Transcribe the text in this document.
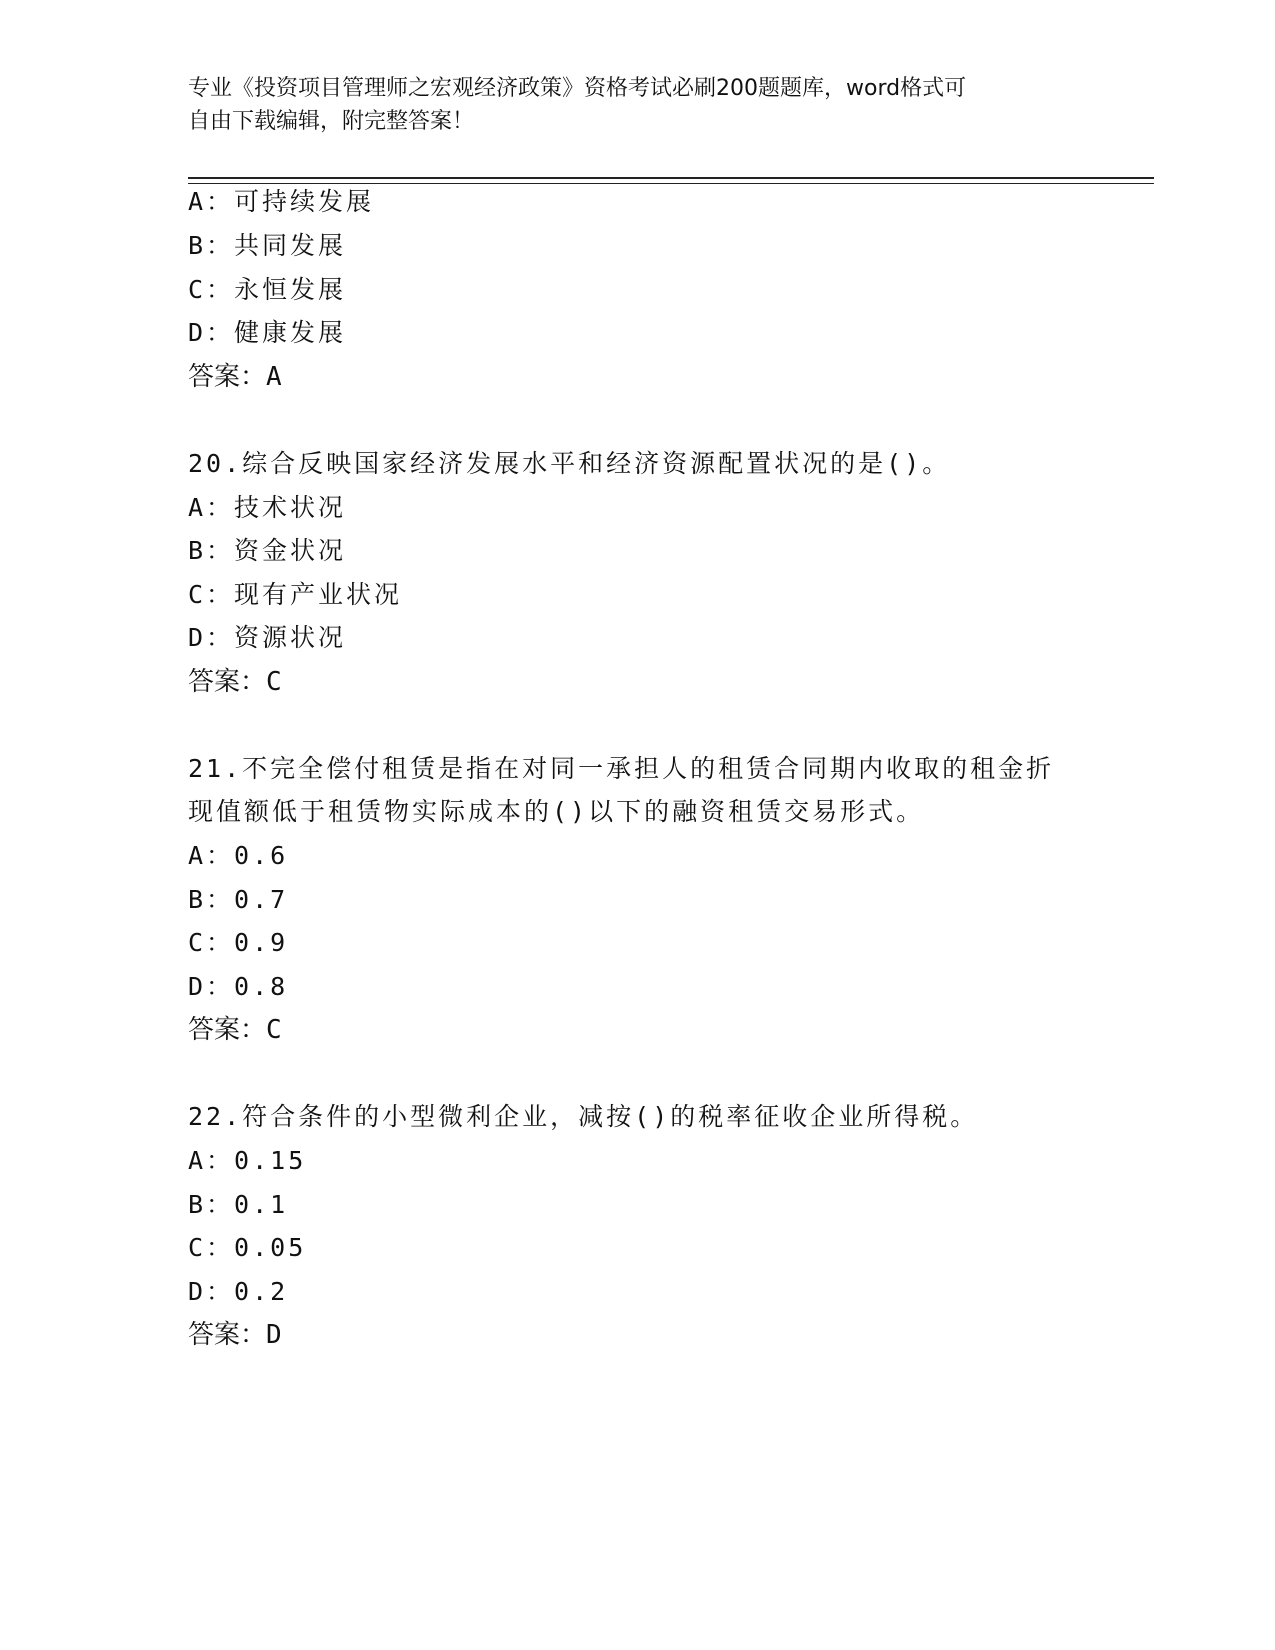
专业《投资项目管理师之宏观经济政策》资格考试必刷200题题库，word格式可
自由下载编辑，附完整答案！
A：可持续发展
B：共同发展
C：永恒发展
D：健康发展
答案：A
20.综合反映国家经济发展水平和经济资源配置状况的是()。
A：技术状况
B：资金状况
C：现有产业状况
D：资源状况
答案：C
21.不完全偿付租赁是指在对同一承担人的租赁合同期内收取的租金折
现值额低于租赁物实际成本的()以下的融资租赁交易形式。
A：0.6
B：0.7
C：0.9
D：0.8
答案：C
22.符合条件的小型微利企业，减按()的税率征收企业所得税。
A：0.15
B：0.1
C：0.05
D：0.2
答案：D
